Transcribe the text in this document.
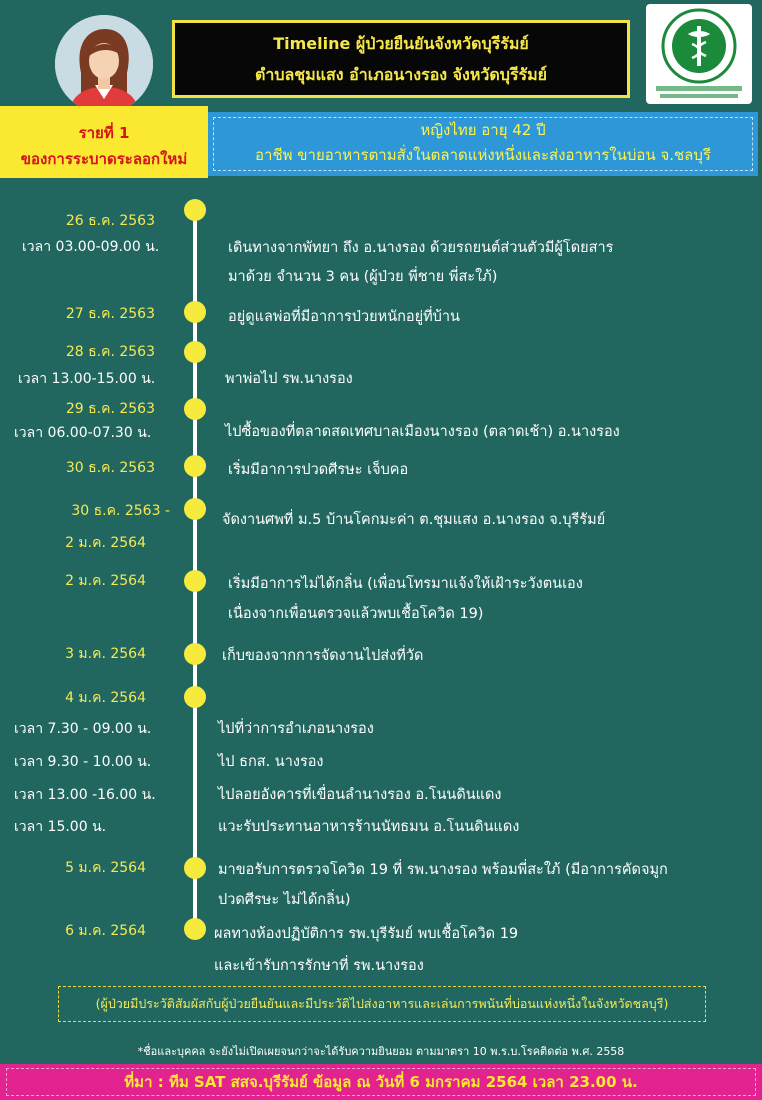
Timeline ผู้ป่วยยืนยันจังหวัดบุรีรัมย์
ตำบลชุมแสง อำเภอนางรอง จังหวัดบุรีรัมย์
รายที่ 1
ของการระบาดระลอกใหม่
หญิงไทย อายุ 42 ปี
อาชีพ ขายอาหารตามสั่งในตลาดแห่งหนึ่งและส่งอาหารในบ่อน จ.ชลบุรี
26 ธ.ค. 2563
เวลา 03.00-09.00 น.	เดินทางจากพัทยา ถึง อ.นางรอง ด้วยรถยนต์ส่วนตัวมีผู้โดยสาร
มาด้วย จำนวน 3 คน (ผู้ป่วย พี่ชาย พี่สะใภ้)
27 ธ.ค. 2563	อยู่ดูแลพ่อที่มีอาการป่วยหนักอยู่ที่บ้าน
28 ธ.ค. 2563
เวลา 13.00-15.00 น.	พาพ่อไป รพ.นางรอง
29 ธ.ค. 2563
เวลา 06.00-07.30 น.	ไปซื้อของที่ตลาดสดเทศบาลเมืองนางรอง (ตลาดเช้า) อ.นางรอง
30 ธ.ค. 2563	เริ่มมีอาการปวดศีรษะ เจ็บคอ
30 ธ.ค. 2563 -
2 ม.ค. 2564
จัดงานศพที่ ม.5 บ้านโคกมะค่า ต.ชุมแสง อ.นางรอง จ.บุรีรัมย์
2 ม.ค. 2564	เริ่มมีอาการไม่ได้กลิ่น (เพื่อนโทรมาแจ้งให้เฝ้าระวังตนเอง
เนื่องจากเพื่อนตรวจแล้วพบเชื้อโควิด 19)
3 ม.ค. 2564	เก็บของจากการจัดงานไปส่งที่วัด
4 ม.ค. 2564
เวลา 7.30 - 09.00 น.	ไปที่ว่าการอำเภอนางรอง
เวลา 9.30 - 10.00 น.	ไป ธกส. นางรอง
เวลา 13.00 -16.00 น.	ไปลอยอังคารที่เขื่อนลำนางรอง อ.โนนดินแดง
เวลา 15.00 น.	แวะรับประทานอาหารร้านนัทธมน อ.โนนดินแดง
5 ม.ค. 2564	มาขอรับการตรวจโควิด 19 ที่ รพ.นางรอง พร้อมพี่สะใภ้ (มีอาการคัดจมูก
ปวดศีรษะ ไม่ได้กลิ่น)
6 ม.ค. 2564	ผลทางห้องปฏิบัติการ รพ.บุรีรัมย์ พบเชื้อโควิด 19
และเข้ารับการรักษาที่ รพ.นางรอง
(ผู้ป่วยมีประวัติสัมผัสกับผู้ป่วยยืนยันและมีประวัติไปส่งอาหารและเล่นการพนันที่บ่อนแห่งหนึ่งในจังหวัดชลบุรี)
*ชื่อและบุคคล จะยังไม่เปิดเผยจนกว่าจะได้รับความยินยอม ตามมาตรา 10 พ.ร.บ.โรคติดต่อ พ.ศ. 2558
ที่มา : ทีม SAT สสจ.บุรีรัมย์ ข้อมูล ณ วันที่ 6 มกราคม 2564 เวลา 23.00 น.
